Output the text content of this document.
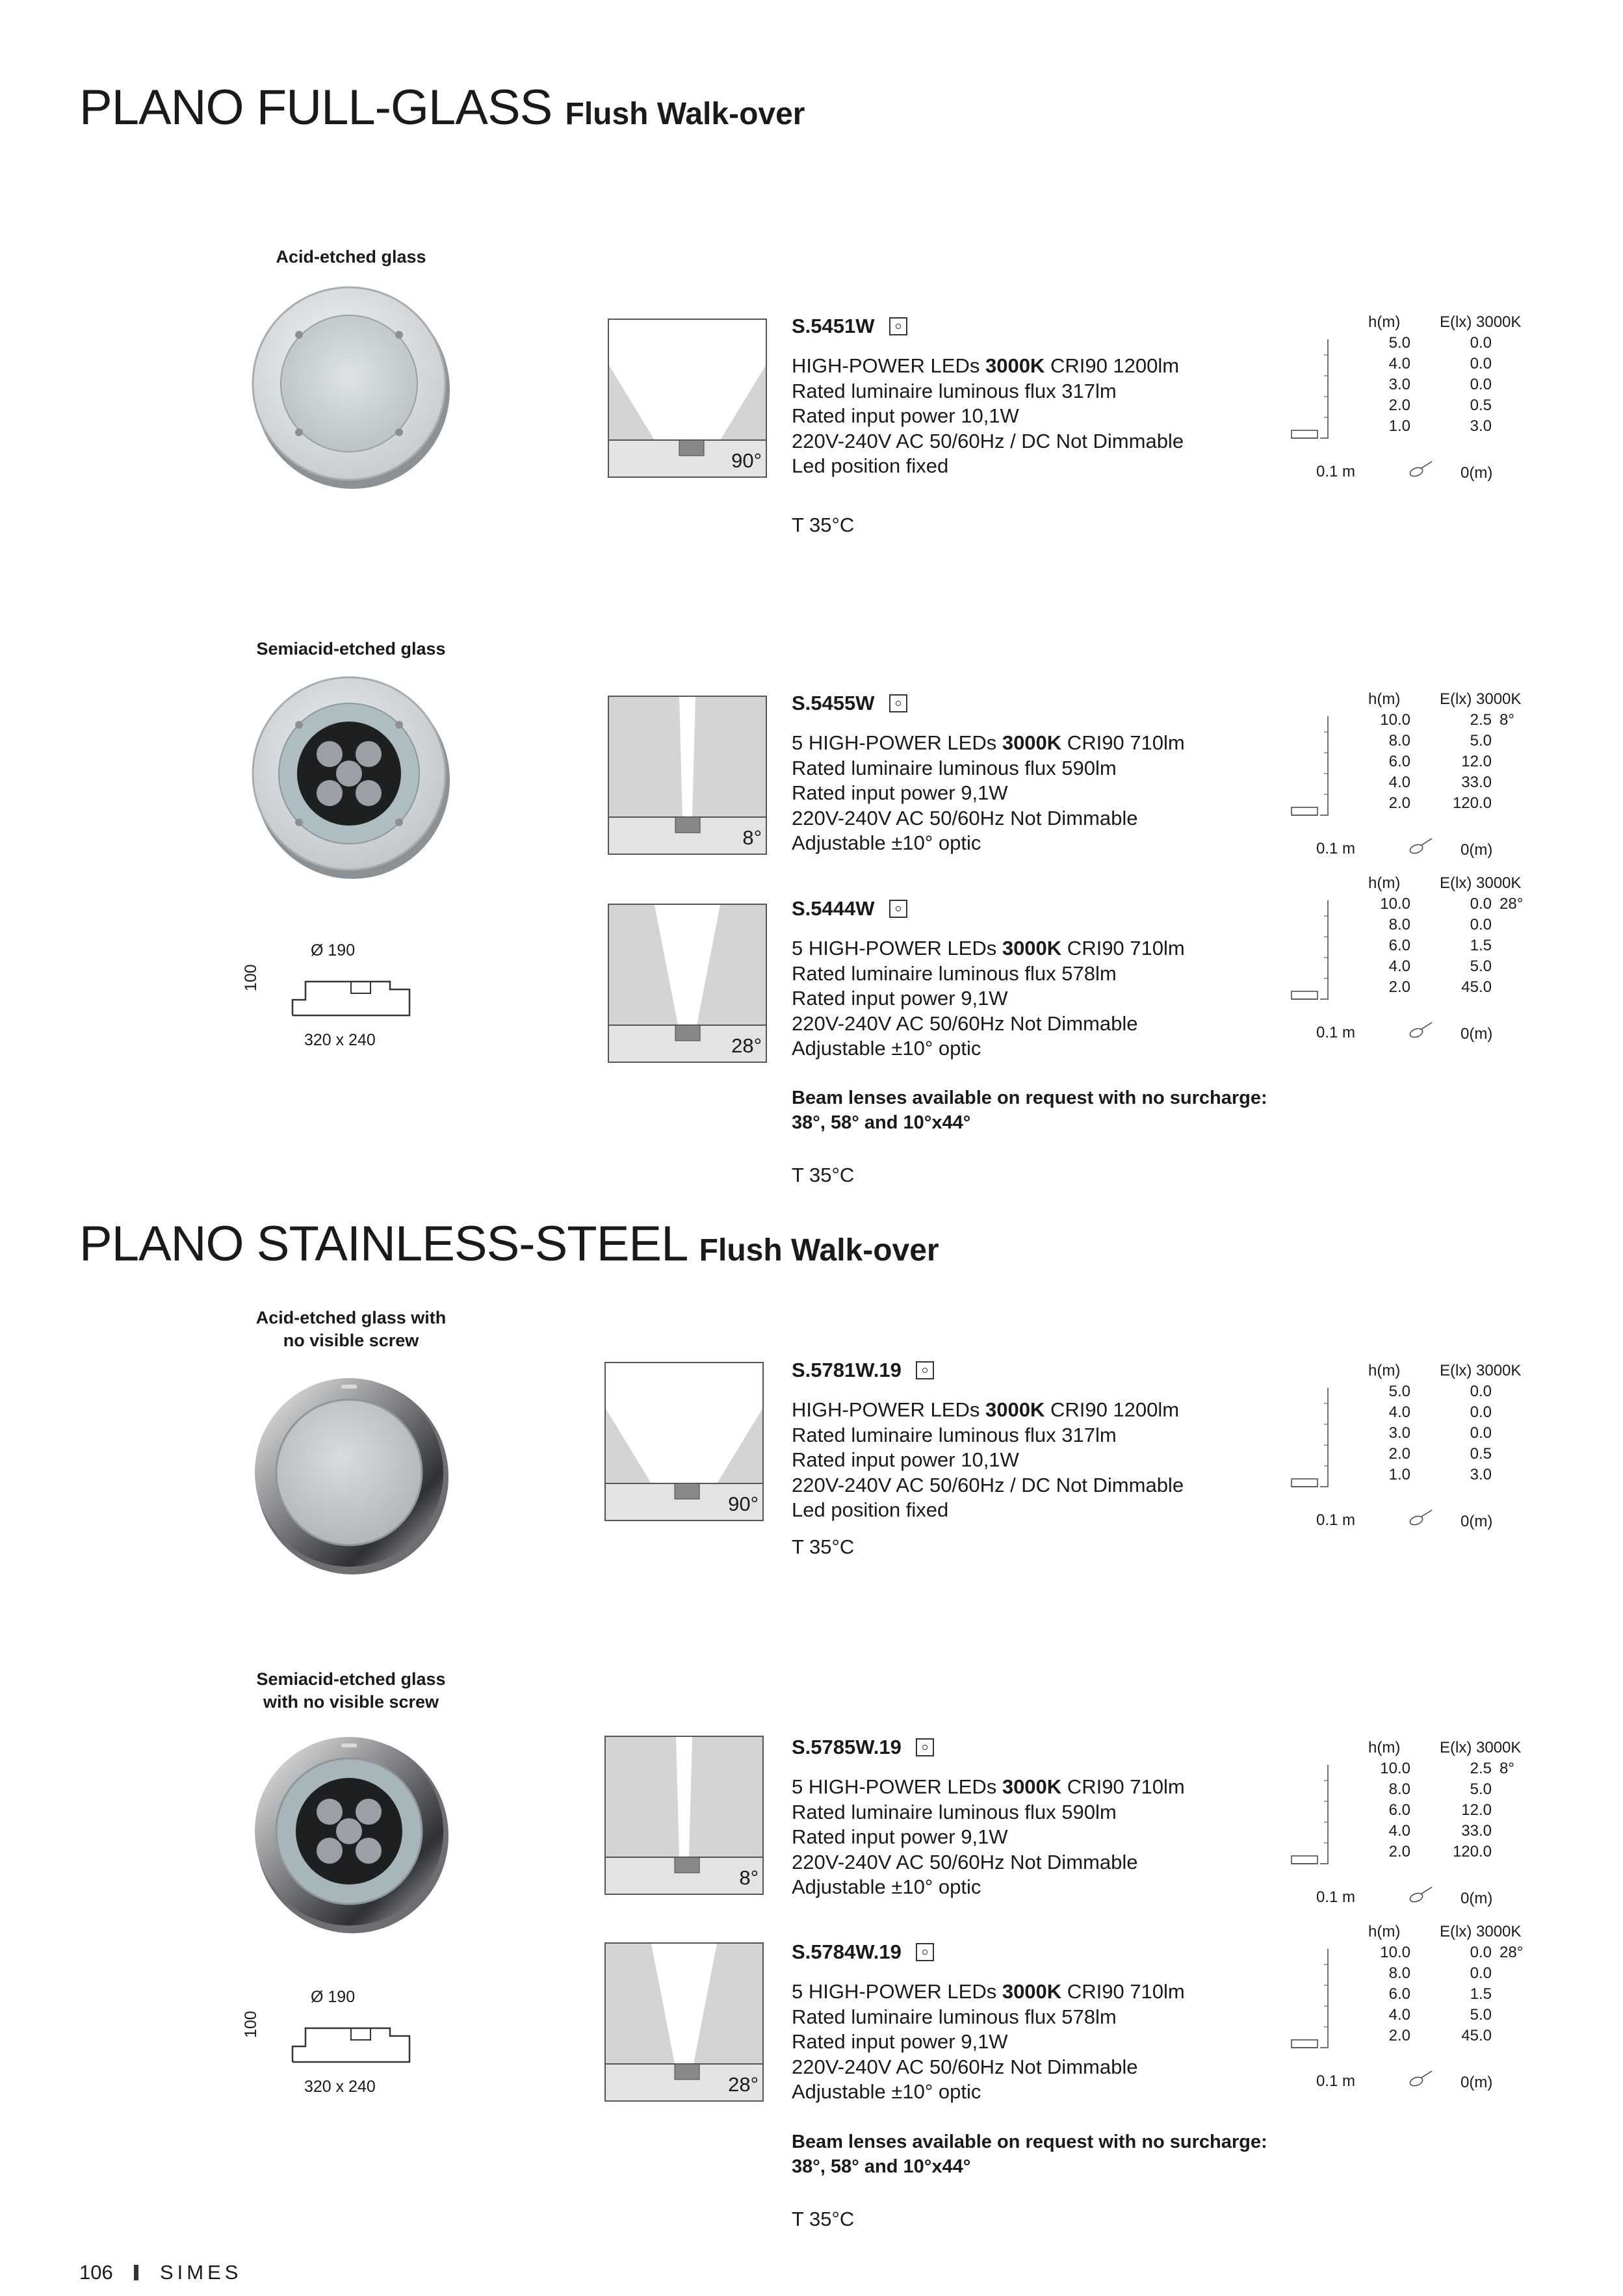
PLANO FULL-GLASS Flush Walk-over
Acid-etched glass
90°
S.5451W
HIGH-POWER LEDs 3000K CRI90 1200lm
Rated luminaire luminous flux 317lm
Rated input power 10,1W
220V-240V AC 50/60Hz / DC Not Dimmable
Led position fixed
T 35°C
Semiacid-etched glass
Ø 190
100
320 x 240
8°
S.5455W
5 HIGH-POWER LEDs 3000K CRI90 710lm
Rated luminaire luminous flux 590lm
Rated input power 9,1W
220V-240V AC 50/60Hz Not Dimmable
Adjustable ±10° optic
28°
S.5444W
5 HIGH-POWER LEDs 3000K CRI90 710lm
Rated luminaire luminous flux 578lm
Rated input power 9,1W
220V-240V AC 50/60Hz Not Dimmable
Adjustable ±10° optic
Beam lenses available on request with no surcharge:
38°, 58° and 10°x44°
T 35°C
PLANO STAINLESS-STEEL Flush Walk-over
Acid-etched glass with
no visible screw
90°
S.5781W.19
HIGH-POWER LEDs 3000K CRI90 1200lm
Rated luminaire luminous flux 317lm
Rated input power 10,1W
220V-240V AC 50/60Hz / DC Not Dimmable
Led position fixed
T 35°C
Semiacid-etched glass
with no visible screw
Ø 190
100
320 x 240
8°
S.5785W.19
5 HIGH-POWER LEDs 3000K CRI90 710lm
Rated luminaire luminous flux 590lm
Rated input power 9,1W
220V-240V AC 50/60Hz Not Dimmable
Adjustable ±10° optic
28°
S.5784W.19
5 HIGH-POWER LEDs 3000K CRI90 710lm
Rated luminaire luminous flux 578lm
Rated input power 9,1W
220V-240V AC 50/60Hz Not Dimmable
Adjustable ±10° optic
Beam lenses available on request with no surcharge:
38°, 58° and 10°x44°
T 35°C
h(m)	E(lx) 3000K
5.0	0.0
4.0	0.0
3.0	0.0
2.0	0.5
1.0	3.0
0.1 m	0(m)
h(m)	E(lx) 3000K
10.0	2.5
8.0	5.0
6.0	12.0
4.0	33.0
2.0	120.0
8°
0.1 m	0(m)
h(m)	E(lx) 3000K
10.0	0.0
8.0	0.0
6.0	1.5
4.0	5.0
2.0	45.0
28°
0.1 m	0(m)
h(m)	E(lx) 3000K
5.0	0.0
4.0	0.0
3.0	0.0
2.0	0.5
1.0	3.0
0.1 m	0(m)
h(m)	E(lx) 3000K
10.0	2.5
8.0	5.0
6.0	12.0
4.0	33.0
2.0	120.0
8°
0.1 m	0(m)
h(m)	E(lx) 3000K
10.0	0.0
8.0	0.0
6.0	1.5
4.0	5.0
2.0	45.0
28°
0.1 m	0(m)
106 SIMES
